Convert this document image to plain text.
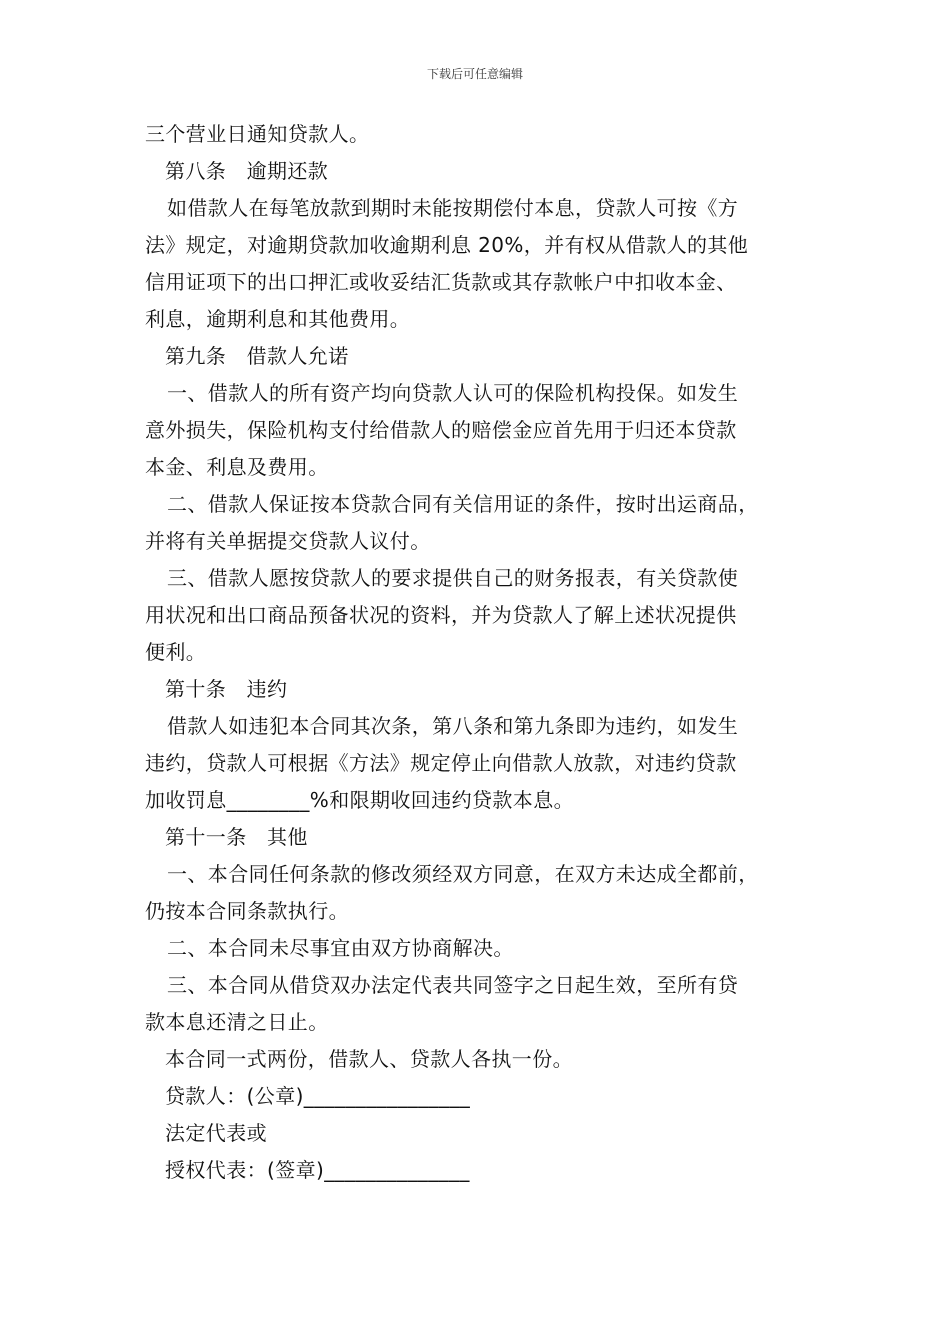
下载后可任意编辑

三个营业日通知贷款人。

第八条　逾期还款

如借款人在每笔放款到期时未能按期偿付本息，贷款人可按《方

法》规定，对逾期贷款加收逾期利息 20%，并有权从借款人的其他

信用证项下的出口押汇或收妥结汇货款或其存款帐户中扣收本金、

利息，逾期利息和其他费用。

第九条　借款人允诺

一、借款人的所有资产均向贷款人认可的保险机构投保。如发生

意外损失，保险机构支付给借款人的赔偿金应首先用于归还本贷款

本金、利息及费用。

二、借款人保证按本贷款合同有关信用证的条件，按时出运商品，

并将有关单据提交贷款人议付。

三、借款人愿按贷款人的要求提供自己的财务报表，有关贷款使

用状况和出口商品预备状况的资料，并为贷款人了解上述状况提供

便利。

第十条　违约

借款人如违犯本合同其次条，第八条和第九条即为违约，如发生

违约，贷款人可根据《方法》规定停止向借款人放款，对违约贷款

加收罚息________%和限期收回违约贷款本息。

第十一条　其他

一、本合同任何条款的修改须经双方同意，在双方未达成全都前，

仍按本合同条款执行。

二、本合同未尽事宜由双方协商解决。

三、本合同从借贷双办法定代表共同签字之日起生效，至所有贷

款本息还清之日止。

本合同一式两份，借款人、贷款人各执一份。

贷款人：(公章)________________

法定代表或

授权代表：(签章)______________
